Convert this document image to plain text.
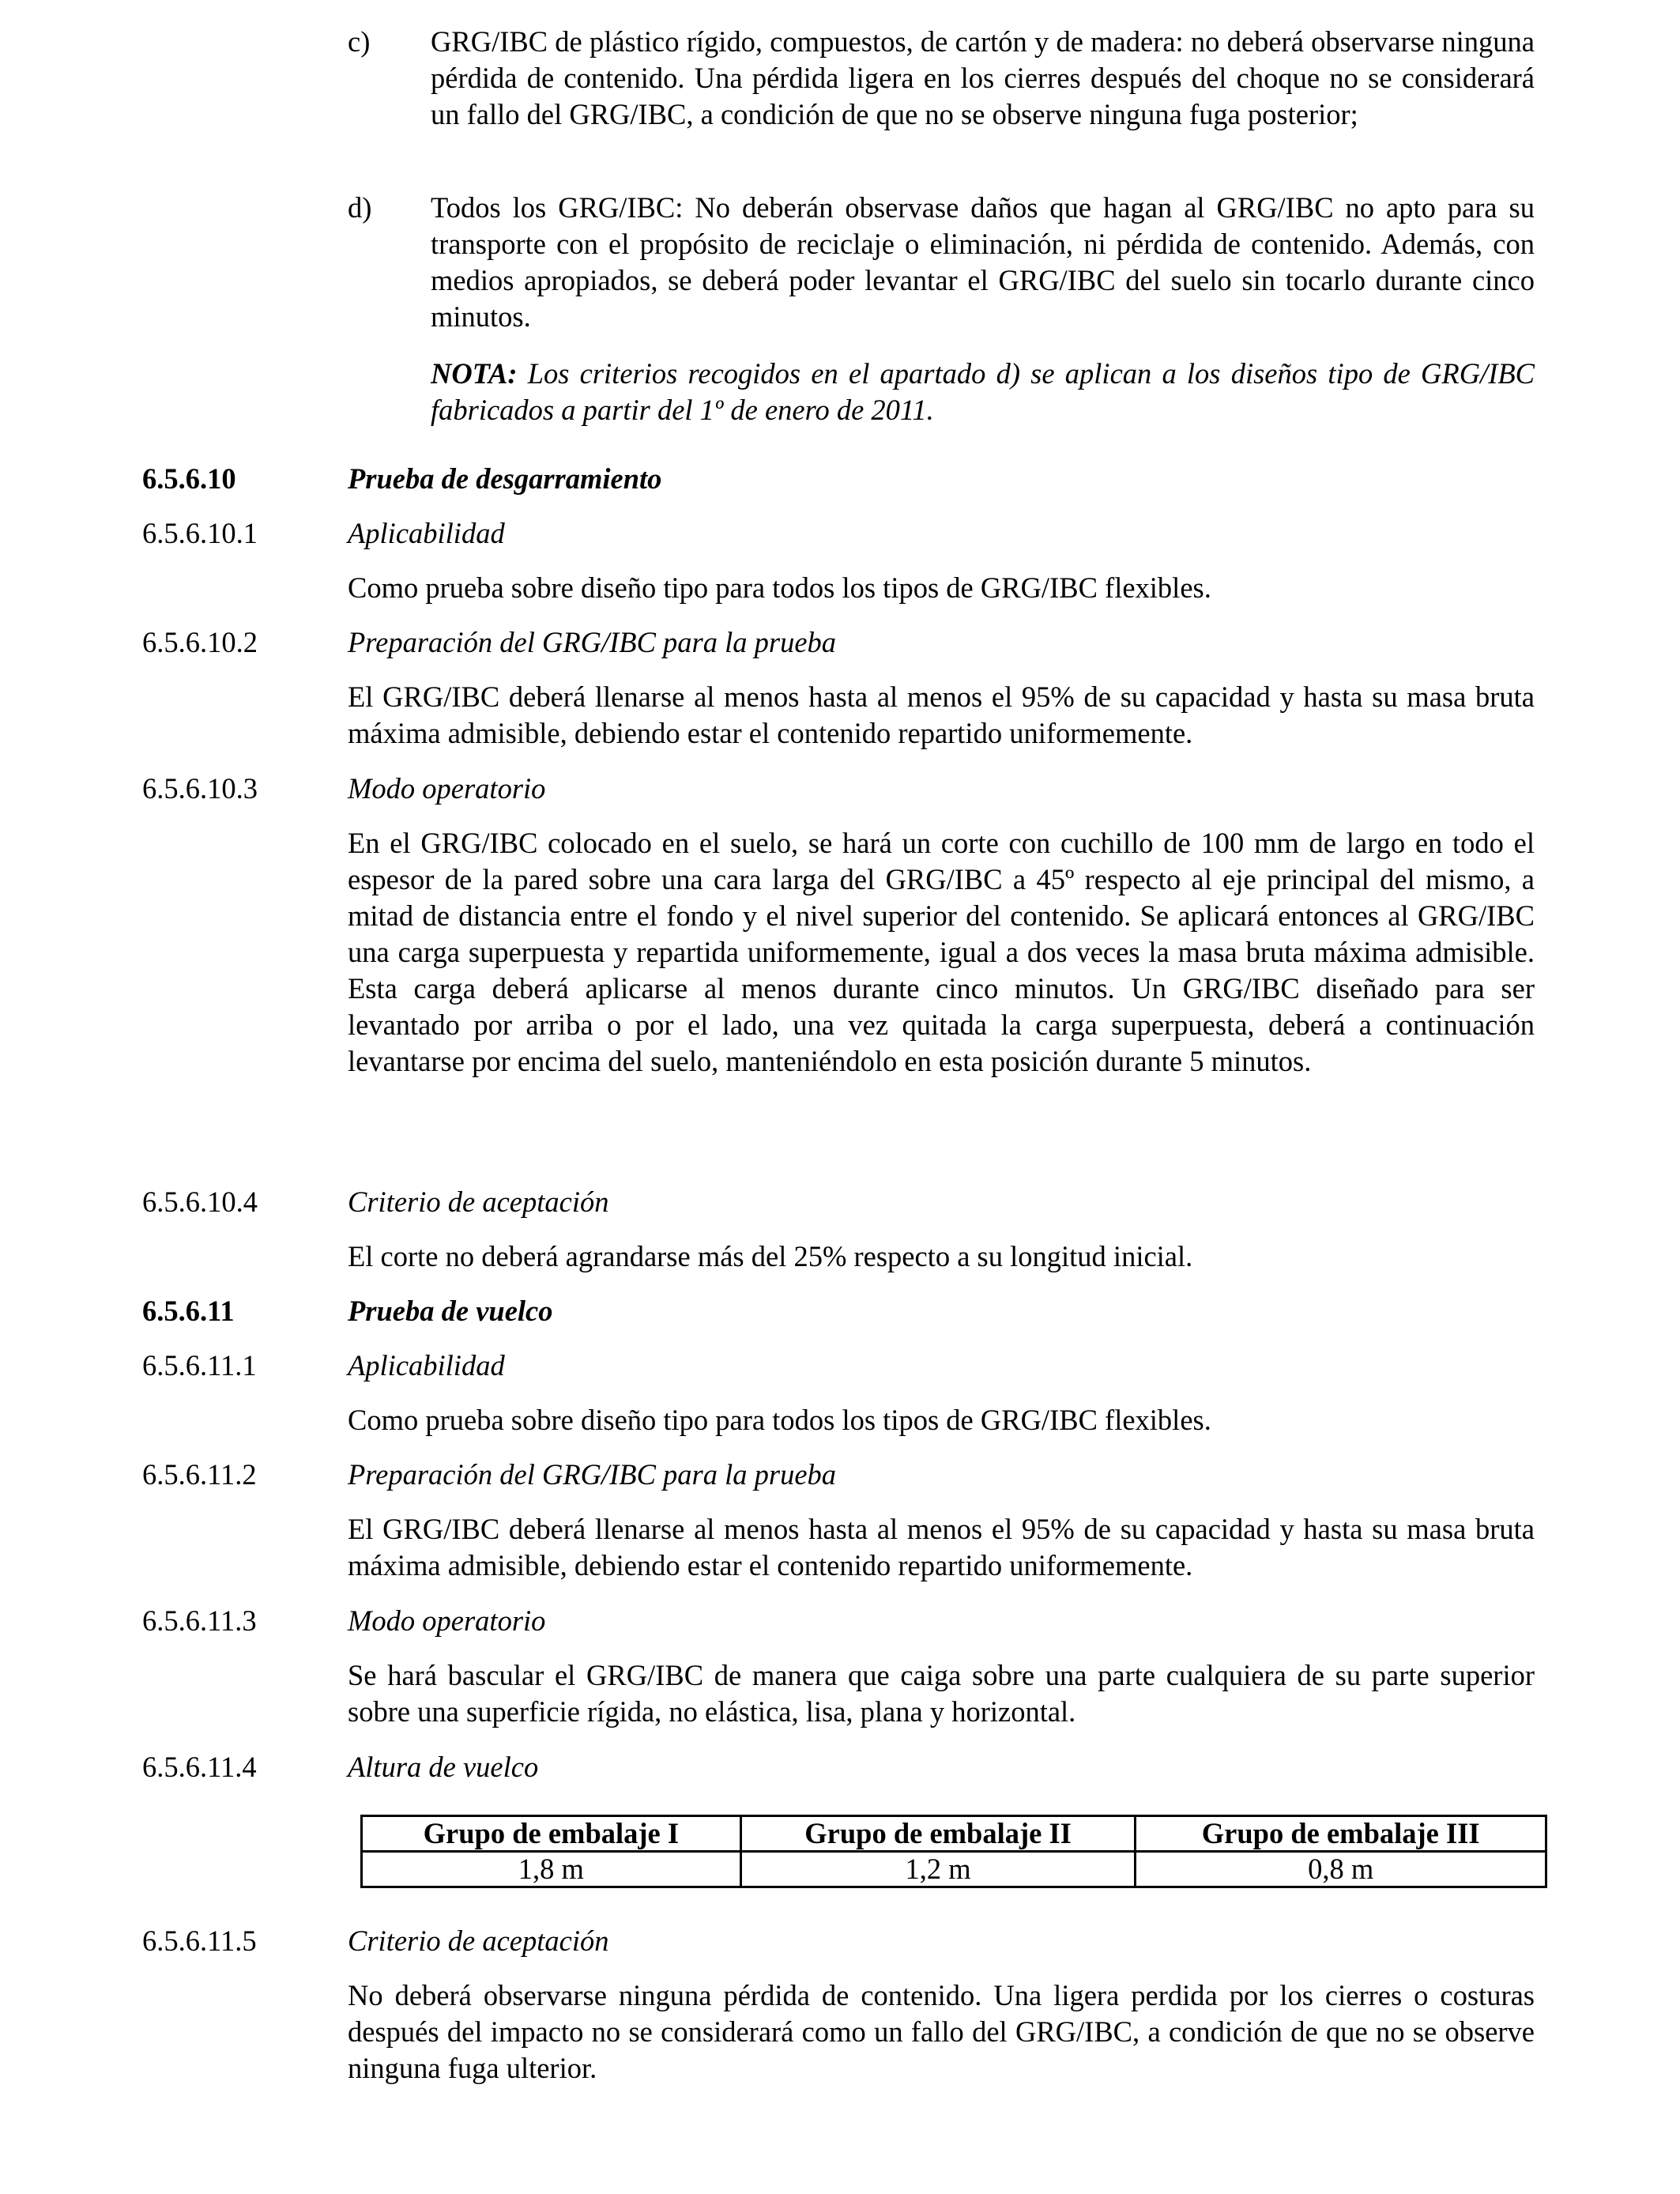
c) GRG/IBC de plástico rígido, compuestos, de cartón y de madera: no deberá observarse ninguna pérdida de contenido. Una pérdida ligera en los cierres después del choque no se considerará un fallo del GRG/IBC, a condición de que no se observe ninguna fuga posterior;

d) Todos los GRG/IBC: No deberán observase daños que hagan al GRG/IBC no apto para su transporte con el propósito de reciclaje o eliminación, ni pérdida de contenido. Además, con medios apropiados, se deberá poder levantar el GRG/IBC del suelo sin tocarlo durante cinco minutos.

NOTA: Los criterios recogidos en el apartado d) se aplican a los diseños tipo de GRG/IBC fabricados a partir del 1º de enero de 2011.

6.5.6.10	Prueba de desgarramiento

6.5.6.10.1	Aplicabilidad

Como prueba sobre diseño tipo para todos los tipos de GRG/IBC flexibles.

6.5.6.10.2	Preparación del GRG/IBC para la prueba

El GRG/IBC deberá llenarse al menos hasta al menos el 95% de su capacidad y hasta su masa bruta máxima admisible, debiendo estar el contenido repartido uniformemente.

6.5.6.10.3	Modo operatorio

En el GRG/IBC colocado en el suelo, se hará un corte con cuchillo de 100 mm de largo en todo el espesor de la pared sobre una cara larga del GRG/IBC a 45º respecto al eje principal del mismo, a mitad de distancia entre el fondo y el nivel superior del contenido. Se aplicará entonces al GRG/IBC una carga superpuesta y repartida uniformemente, igual a dos veces la masa bruta máxima admisible. Esta carga deberá aplicarse al menos durante cinco minutos. Un GRG/IBC diseñado para ser levantado por arriba o por el lado, una vez quitada la carga superpuesta, deberá a continuación levantarse por encima del suelo, manteniéndolo en esta posición durante 5 minutos.

6.5.6.10.4	Criterio de aceptación

El corte no deberá agrandarse más del 25% respecto a su longitud inicial.

6.5.6.11	Prueba de vuelco

6.5.6.11.1	Aplicabilidad

Como prueba sobre diseño tipo para todos los tipos de GRG/IBC flexibles.

6.5.6.11.2	Preparación del GRG/IBC para la prueba

El GRG/IBC deberá llenarse al menos hasta al menos el 95% de su capacidad y hasta su masa bruta máxima admisible, debiendo estar el contenido repartido uniformemente.

6.5.6.11.3	Modo operatorio

Se hará bascular el GRG/IBC de manera que caiga sobre una parte cualquiera de su parte superior sobre una superficie rígida, no elástica, lisa, plana y horizontal.

6.5.6.11.4	Altura de vuelco

Grupo de embalaje I	Grupo de embalaje II	Grupo de embalaje III
1,8 m	1,2 m	0,8 m

6.5.6.11.5	Criterio de aceptación

No deberá observarse ninguna pérdida de contenido. Una ligera perdida por los cierres o costuras después del impacto no se considerará como un fallo del GRG/IBC, a condición de que no se observe ninguna fuga ulterior.
